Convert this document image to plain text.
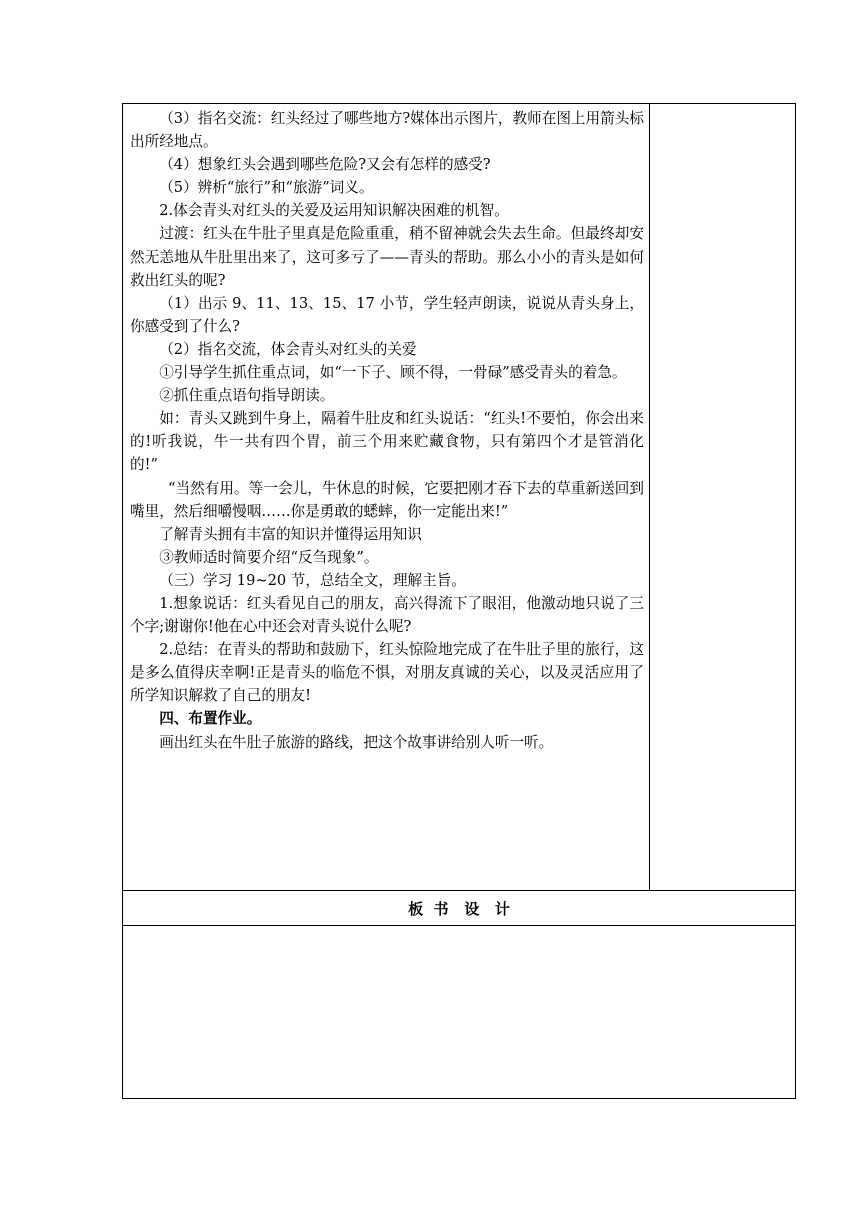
（3）指名交流：红头经过了哪些地方?媒体出示图片，教师在图上用箭头标出所经地点。

（4）想象红头会遇到哪些危险?又会有怎样的感受?

（5）辨析“旅行”和“旅游”词义。

2.体会青头对红头的关爱及运用知识解决困难的机智。

过渡：红头在牛肚子里真是危险重重，稍不留神就会失去生命。但最终却安然无恙地从牛肚里出来了，这可多亏了——青头的帮助。那么小小的青头是如何救出红头的呢?

（1）出示 9、11、13、15、17 小节，学生轻声朗读，说说从青头身上，你感受到了什么?

（2）指名交流，体会青头对红头的关爱

①引导学生抓住重点词，如“一下子、顾不得，一骨碌”感受青头的着急。

②抓住重点语句指导朗读。

如：青头又跳到牛身上，隔着牛肚皮和红头说话：“红头!不要怕，你会出来的!听我说，牛一共有四个胃，前三个用来贮藏食物，只有第四个才是管消化的!”

“当然有用。等一会儿，牛休息的时候，它要把刚才吞下去的草重新送回到嘴里，然后细嚼慢咽……你是勇敢的蟋蟀，你一定能出来!”

了解青头拥有丰富的知识并懂得运用知识

③教师适时简要介绍“反刍现象”。

（三）学习 19~20 节，总结全文，理解主旨。

1.想象说话：红头看见自己的朋友，高兴得流下了眼泪，他激动地只说了三个字;谢谢你!他在心中还会对青头说什么呢?

2.总结：在青头的帮助和鼓励下，红头惊险地完成了在牛肚子里的旅行，这是多么值得庆幸啊!正是青头的临危不惧，对朋友真诚的关心，以及灵活应用了所学知识解救了自己的朋友!

四、布置作业。

画出红头在牛肚子旅游的路线，把这个故事讲给别人听一听。

板  书   设   计
